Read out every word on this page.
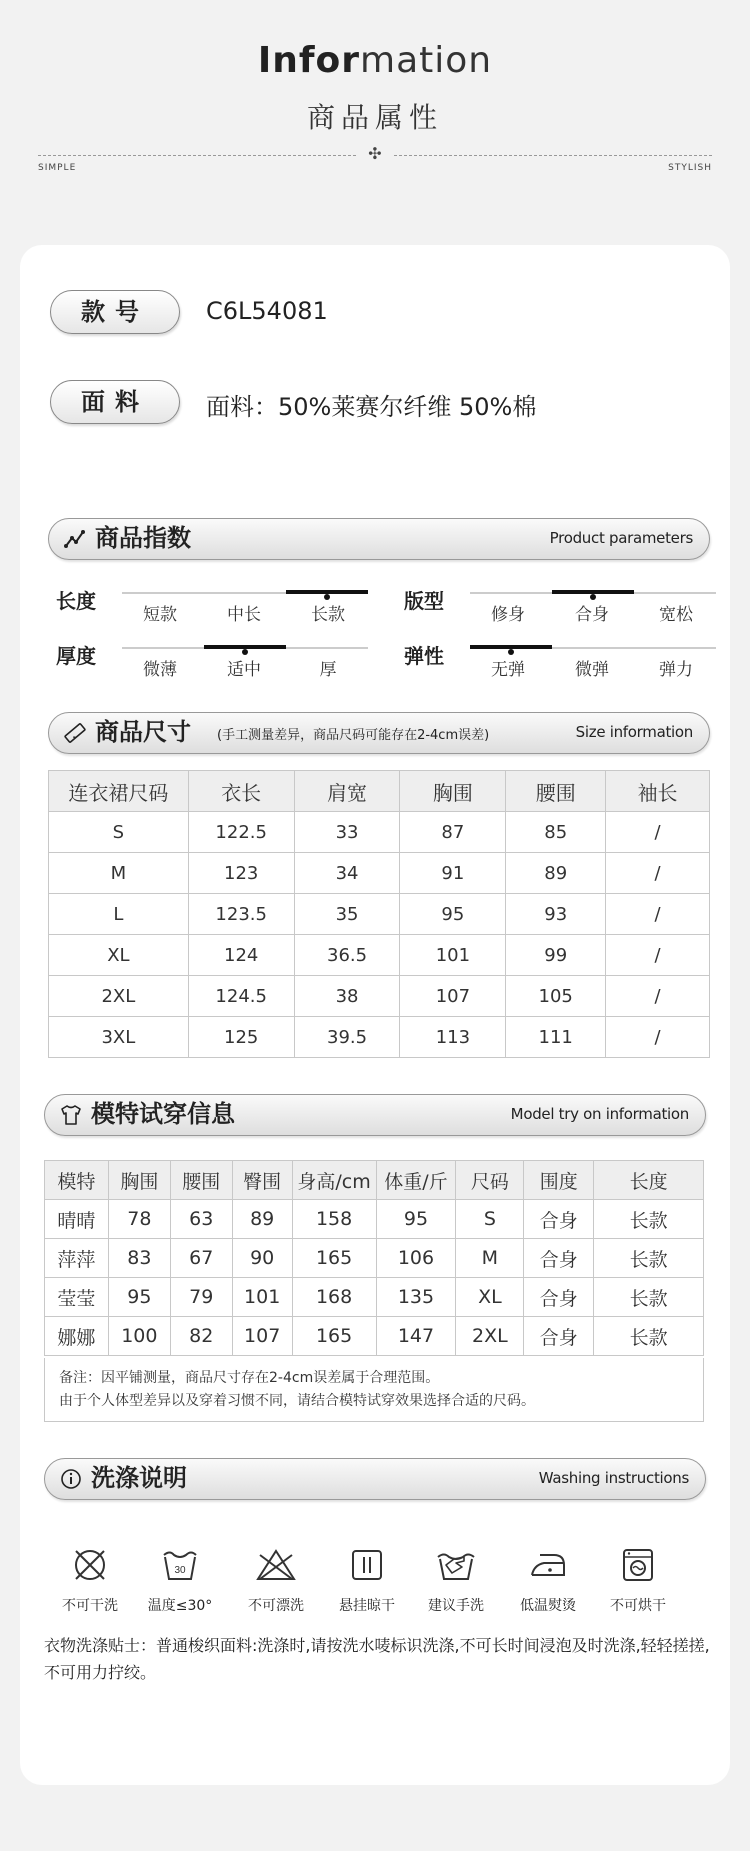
Information
商品属性
✣
SIMPLE	STYLISH
款号	C6L54081
面料	面料：50%莱赛尔纤维 50%棉
商品指数	Product parameters
长度
短款	中长	长款
版型
修身	合身	宽松
厚度
微薄	适中	厚
弹性
无弹	微弹	弹力
商品尺寸 (手工测量差异，商品尺码可能存在2-4cm误差)	Size information
连衣裙尺码	衣长	肩宽	胸围	腰围	袖长
S	122.5	33	87	85	/
M	123	34	91	89	/
L	123.5	35	95	93	/
XL	124	36.5	101	99	/
2XL	124.5	38	107	105	/
3XL	125	39.5	113	111	/
模特试穿信息	Model try on information
模特	胸围	腰围	臀围	身高/cm	体重/斤	尺码	围度	长度
晴晴	78	63	89	158	95	S	合身	长款
萍萍	83	67	90	165	106	M	合身	长款
莹莹	95	79	101	168	135	XL	合身	长款
娜娜	100	82	107	165	147	2XL	合身	长款
备注：因平铺测量，商品尺寸存在2-4cm误差属于合理范围。
由于个人体型差异以及穿着习惯不同，请结合模特试穿效果选择合适的尺码。
洗涤说明	Washing instructions
不可干洗
30
温度≤30°	不可漂洗	悬挂晾干	建议手洗	低温熨烫	不可烘干
衣物洗涤贴士：普通梭织面料:洗涤时,请按洗水唛标识洗涤,不可长时间浸泡及时洗涤,轻轻搓搓,不可用力拧绞。
